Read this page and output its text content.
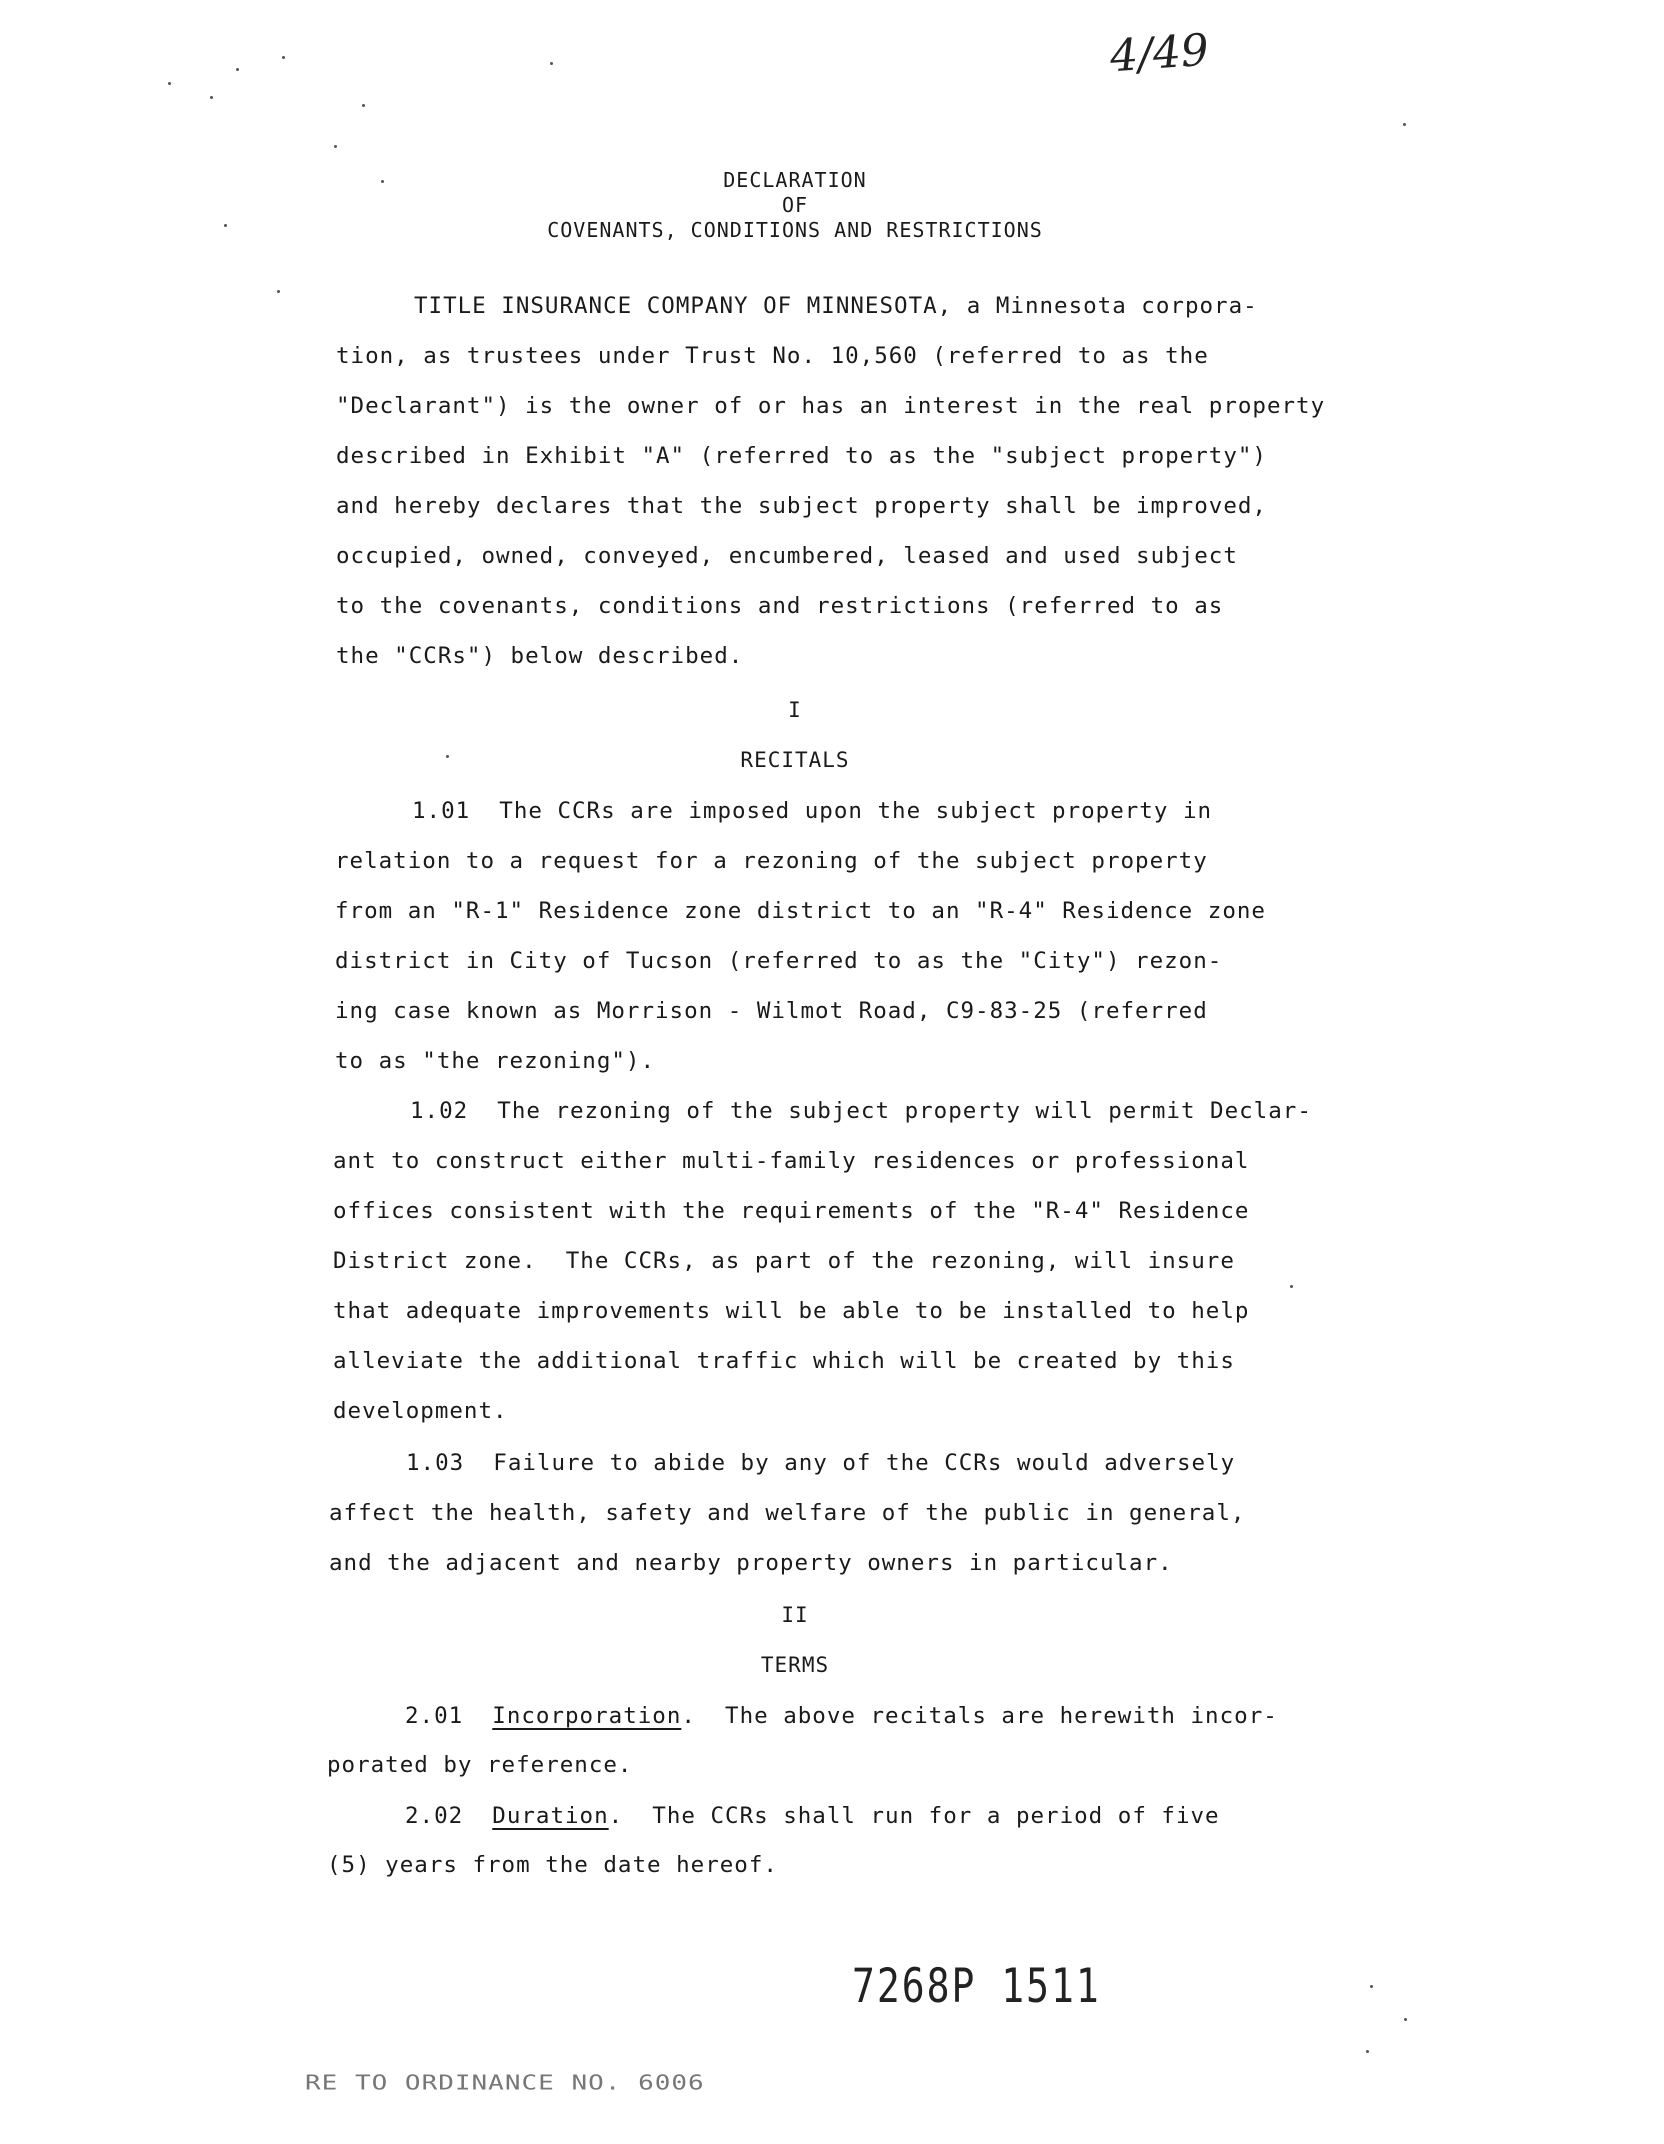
4/49
DECLARATION
OF
COVENANTS, CONDITIONS AND RESTRICTIONS
TITLE INSURANCE COMPANY OF MINNESOTA, a Minnesota corpora-
tion, as trustees under Trust No. 10,560 (referred to as the
"Declarant") is the owner of or has an interest in the real property
described in Exhibit "A" (referred to as the "subject property")
and hereby declares that the subject property shall be improved,
occupied, owned, conveyed, encumbered, leased and used subject
to the covenants, conditions and restrictions (referred to as
the "CCRs") below described.
I
RECITALS
1.01  The CCRs are imposed upon the subject property in
relation to a request for a rezoning of the subject property
from an "R-1" Residence zone district to an "R-4" Residence zone
district in City of Tucson (referred to as the "City") rezon-
ing case known as Morrison - Wilmot Road, C9-83-25 (referred
to as "the rezoning").
1.02  The rezoning of the subject property will permit Declar-
ant to construct either multi-family residences or professional
offices consistent with the requirements of the "R-4" Residence
District zone.  The CCRs, as part of the rezoning, will insure
that adequate improvements will be able to be installed to help
alleviate the additional traffic which will be created by this
development.
1.03  Failure to abide by any of the CCRs would adversely
affect the health, safety and welfare of the public in general,
and the adjacent and nearby property owners in particular.
II
TERMS
2.01 Incorporation.  The above recitals are herewith incor-
porated by reference.
2.02 Duration.  The CCRs shall run for a period of five
(5) years from the date hereof.
7268P 1511
RE TO ORDINANCE NO. 6006
